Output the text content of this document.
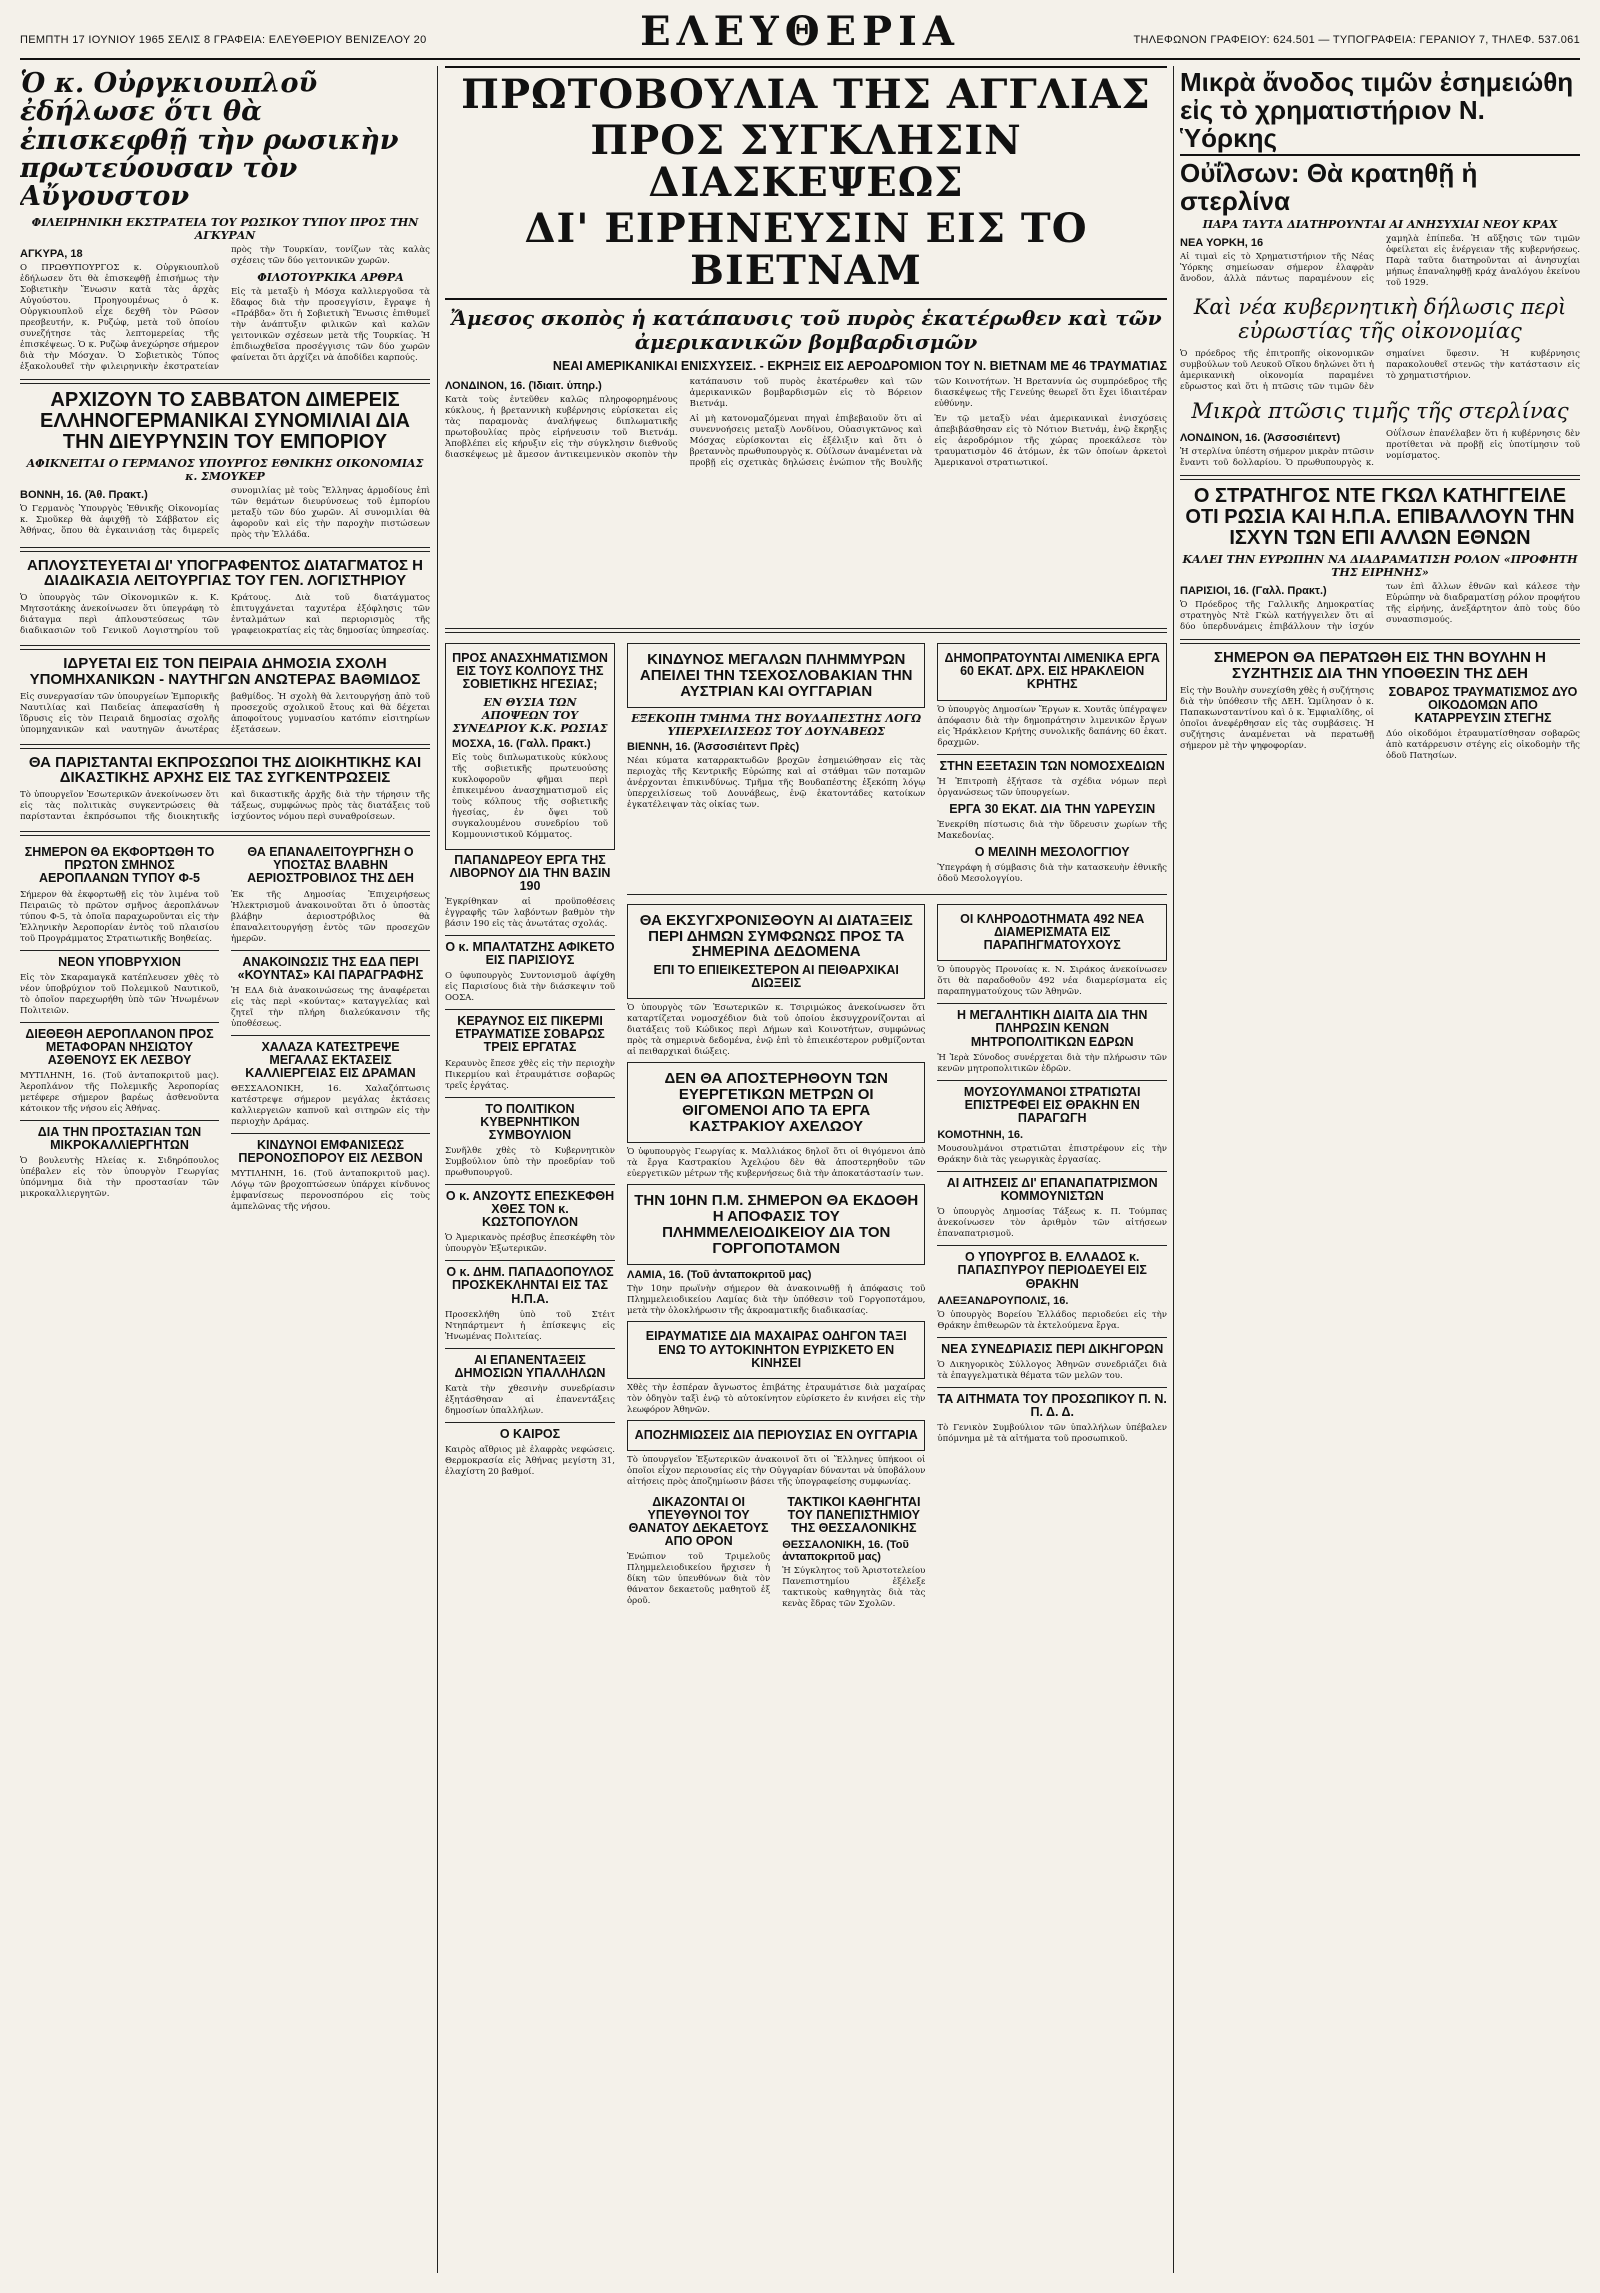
ΠΕΜΠΤΗ 17 ΙΟΥΝΙΟΥ 1965 ΣΕΛΙΣ 8 ΓΡΑΦΕΙΑ: ΕΛΕΥΘΕΡΙΟΥ ΒΕΝΙΖΕΛΟΥ 20	ΕΛΕΥΘΕΡΙΑ	ΤΗΛΕΦΩΝΟΝ ΓΡΑΦΕΙΟΥ: 624.501 — ΤΥΠΟΓΡΑΦΕΙΑ: ΓΕΡΑΝΙΟΥ 7, ΤΗΛΕΦ. 537.061
Ὁ κ. Οὐργκιουπλοῦ ἐδήλωσε ὅτι θὰ ἐπισκεφθῇ τὴν ρωσικὴν πρωτεύουσαν τὸν Αὔγουστον
ΦΙΛΕΙΡΗΝΙΚΗ ΕΚΣΤΡΑΤΕΙΑ ΤΟΥ ΡΩΣΙΚΟΥ ΤΥΠΟΥ ΠΡΟΣ ΤΗΝ ΑΓΚΥΡΑΝ
ΑΓΚΥΡΑ, 18

Ο ΠΡΩΘΥΠΟΥΡΓΟΣ κ. Οὐργκιουπλοῦ ἐδήλωσεν ὅτι θὰ ἐπισκεφθῇ ἐπισήμως τὴν Σοβιετικὴν Ἕνωσιν κατὰ τὰς ἀρχὰς Αὐγούστου. Προηγουμένως ὁ κ. Οὐργκιουπλοῦ εἶχε δεχθῆ τὸν Ρῶσον πρεσβευτήν, κ. Ρυζώφ, μετὰ τοῦ ὁποίου συνεζήτησε τὰς λεπτομερείας τῆς ἐπισκέψεως. Ὁ κ. Ρυζὼφ ἀνεχώρησε σήμερον διὰ τὴν Μόσχαν. Ὁ Σοβιετικὸς Τύπος ἐξακολουθεῖ τὴν φιλειρηνικὴν ἐκστρατείαν πρὸς τὴν Τουρκίαν, τονίζων τὰς καλὰς σχέσεις τῶν δύο γειτονικῶν χωρῶν.

ΦΙΛΟΤΟΥΡΚΙΚΑ ΑΡΘΡΑ

Εἰς τὰ μεταξὺ ἡ Μόσχα καλλιεργοῦσα τὰ ἔδαφος διὰ τὴν προσεγγίσιν, ἔγραψε ἡ «Πράβδα» ὅτι ἡ Σοβιετικὴ Ἕνωσις ἐπιθυμεῖ τὴν ἀνάπτυξιν φιλικῶν καὶ καλῶν γειτονικῶν σχέσεων μετὰ τῆς Τουρκίας. Ἡ ἐπιδιωχθεῖσα προσέγγισις τῶν δύο χωρῶν φαίνεται ὅτι ἀρχίζει νὰ ἀποδίδει καρπούς.

ΑΡΧΙΖΟΥΝ ΤΟ ΣΑΒΒΑΤΟΝ ΔΙΜΕΡΕΙΣ ΕΛΛΗΝΟΓΕΡΜΑΝΙΚΑΙ ΣΥΝΟΜΙΛΙΑΙ ΔΙΑ ΤΗΝ ΔΙΕΥΡΥΝΣΙΝ ΤΟΥ ΕΜΠΟΡΙΟΥ
ΑΦΙΚΝΕΙΤΑΙ Ο ΓΕΡΜΑΝΟΣ ΥΠΟΥΡΓΟΣ ΕΘΝΙΚΗΣ ΟΙΚΟΝΟΜΙΑΣ κ. ΣΜΟΥΚΕΡ
ΒΟΝΝΗ, 16. (Ἀθ. Πρακτ.)

Ὁ Γερμανὸς Ὑπουργὸς Ἐθνικῆς Οἰκονομίας κ. Σμοῦκερ θὰ ἀφιχθῇ τὸ Σάββατον εἰς Ἀθήνας, ὅπου θὰ ἐγκαινιάσῃ τὰς διμερεῖς συνομιλίας μὲ τοὺς Ἕλληνας ἁρμοδίους ἐπὶ τῶν θεμάτων διευρύνσεως τοῦ ἐμπορίου μεταξὺ τῶν δύο χωρῶν. Αἱ συνομιλίαι θὰ ἀφοροῦν καὶ εἰς τὴν παροχὴν πιστώσεων πρὸς τὴν Ἑλλάδα.

ΑΠΛΟΥΣΤΕΥΕΤΑΙ ΔΙ' ΥΠΟΓΡΑΦΕΝΤΟΣ ΔΙΑΤΑΓΜΑΤΟΣ Η ΔΙΑΔΙΚΑΣΙΑ ΛΕΙΤΟΥΡΓΙΑΣ ΤΟΥ ΓΕΝ. ΛΟΓΙΣΤΗΡΙΟΥ

Ὁ ὑπουργὸς τῶν Οἰκονομικῶν κ. Κ. Μητσοτάκης ἀνεκοίνωσεν ὅτι ὑπεγράφη τὸ διάταγμα περὶ ἁπλουστεύσεως τῶν διαδικασιῶν τοῦ Γενικοῦ Λογιστηρίου τοῦ Κράτους. Διὰ τοῦ διατάγματος ἐπιτυγχάνεται ταχυτέρα ἐξόφλησις τῶν ἐνταλμάτων καὶ περιορισμὸς τῆς γραφειοκρατίας εἰς τὰς δημοσίας ὑπηρεσίας.

ΙΔΡΥΕΤΑΙ ΕΙΣ ΤΟΝ ΠΕΙΡΑΙΑ ΔΗΜΟΣΙΑ ΣΧΟΛΗ ΥΠΟΜΗΧΑΝΙΚΩΝ - ΝΑΥΤΗΓΩΝ ΑΝΩΤΕΡΑΣ ΒΑΘΜΙΔΟΣ

Εἰς συνεργασίαν τῶν ὑπουργείων Ἐμπορικῆς Ναυτιλίας καὶ Παιδείας ἀπεφασίσθη ἡ ἵδρυσις εἰς τὸν Πειραιᾶ δημοσίας σχολῆς ὑπομηχανικῶν καὶ ναυτηγῶν ἀνωτέρας βαθμίδος. Ἡ σχολὴ θὰ λειτουργήσῃ ἀπὸ τοῦ προσεχοῦς σχολικοῦ ἔτους καὶ θὰ δέχεται ἀποφοίτους γυμνασίου κατόπιν εἰσιτηρίων ἐξετάσεων.

ΘΑ ΠΑΡΙΣΤΑΝΤΑΙ ΕΚΠΡΟΣΩΠΟΙ ΤΗΣ ΔΙΟΙΚΗΤΙΚΗΣ ΚΑΙ ΔΙΚΑΣΤΙΚΗΣ ΑΡΧΗΣ ΕΙΣ ΤΑΣ ΣΥΓΚΕΝΤΡΩΣΕΙΣ

Τὸ ὑπουργεῖον Ἐσωτερικῶν ἀνεκοίνωσεν ὅτι εἰς τὰς πολιτικὰς συγκεντρώσεις θὰ παρίστανται ἐκπρόσωποι τῆς διοικητικῆς καὶ δικαστικῆς ἀρχῆς διὰ τὴν τήρησιν τῆς τάξεως, συμφώνως πρὸς τὰς διατάξεις τοῦ ἰσχύοντος νόμου περὶ συναθροίσεων.

ΣΗΜΕΡΟΝ ΘΑ ΕΚΦΟΡΤΩΘΗ ΤΟ ΠΡΩΤΟΝ ΣΜΗΝΟΣ ΑΕΡΟΠΛΑΝΩΝ ΤΥΠΟΥ Φ-5

Σήμερον θὰ ἐκφορτωθῇ εἰς τὸν λιμένα τοῦ Πειραιῶς τὸ πρῶτον σμῆνος ἀεροπλάνων τύπου Φ-5, τὰ ὁποῖα παραχωροῦνται εἰς τὴν Ἑλληνικὴν Ἀεροπορίαν ἐντὸς τοῦ πλαισίου τοῦ Προγράμματος Στρατιωτικῆς Βοηθείας.

ΝΕΟΝ ΥΠΟΒΡΥΧΙΟΝ

Εἰς τὸν Σκαραμαγκᾶ κατέπλευσεν χθὲς τὸ νέον ὑποβρύχιον τοῦ Πολεμικοῦ Ναυτικοῦ, τὸ ὁποῖον παρεχωρήθη ὑπὸ τῶν Ἡνωμένων Πολιτειῶν.

ΔΙΕΘΕΘΗ ΑΕΡΟΠΛΑΝΟΝ ΠΡΟΣ ΜΕΤΑΦΟΡΑΝ ΝΗΣΙΩΤΟΥ ΑΣΘΕΝΟΥΣ ΕΚ ΛΕΣΒΟΥ

ΜΥΤΙΛΗΝΗ, 16. (Τοῦ ἀνταποκριτοῦ μας). Ἀεροπλάνον τῆς Πολεμικῆς Ἀεροπορίας μετέφερε σήμερον βαρέως ἀσθενοῦντα κάτοικον τῆς νήσου εἰς Ἀθήνας.

ΔΙΑ ΤΗΝ ΠΡΟΣΤΑΣΙΑΝ ΤΩΝ ΜΙΚΡΟΚΑΛΛΙΕΡΓΗΤΩΝ

Ὁ βουλευτὴς Ηλείας κ. Σιδηρόπουλος ὑπέβαλεν εἰς τὸν ὑπουργὸν Γεωργίας ὑπόμνημα διὰ τὴν προστασίαν τῶν μικροκαλλιεργητῶν.

ΘΑ ΕΠΑΝΑΛΕΙΤΟΥΡΓΗΣΗ Ο ΥΠΟΣΤΑΣ ΒΛΑΒΗΝ ΑΕΡΙΟΣΤΡΟΒΙΛΟΣ ΤΗΣ ΔΕΗ

Ἐκ τῆς Δημοσίας Ἐπιχειρήσεως Ἠλεκτρισμοῦ ἀνακοινοῦται ὅτι ὁ ὑποστὰς βλάβην ἀεριοστρόβιλος θὰ ἐπαναλειτουργήσῃ ἐντὸς τῶν προσεχῶν ἡμερῶν.

ΑΝΑΚΟΙΝΩΣΙΣ ΤΗΣ ΕΔΑ ΠΕΡΙ «ΚΟΥΝΤΑΣ» ΚΑΙ ΠΑΡΑΓΡΑΦΗΣ

Ἡ ΕΔΑ διὰ ἀνακοινώσεως της ἀναφέρεται εἰς τὰς περὶ «κούντας» καταγγελίας καὶ ζητεῖ τὴν πλήρη διαλεύκανσιν τῆς ὑποθέσεως.

ΧΑΛΑΖΑ ΚΑΤΕΣΤΡΕΨΕ ΜΕΓΑΛΑΣ ΕΚΤΑΣΕΙΣ ΚΑΛΛΙΕΡΓΕΙΑΣ ΕΙΣ ΔΡΑΜΑΝ

ΘΕΣΣΑΛΟΝΙΚΗ, 16. Χαλαζόπτωσις κατέστρεψε σήμερον μεγάλας ἐκτάσεις καλλιεργειῶν καπνοῦ καὶ σιτηρῶν εἰς τὴν περιοχὴν Δράμας.

ΚΙΝΔΥΝΟΙ ΕΜΦΑΝΙΣΕΩΣ ΠΕΡΟΝΟΣΠΟΡΟΥ ΕΙΣ ΛΕΣΒΟΝ

ΜΥΤΙΛΗΝΗ, 16. (Τοῦ ἀνταποκριτοῦ μας). Λόγῳ τῶν βροχοπτώσεων ὑπάρχει κίνδυνος ἐμφανίσεως περονοσπόρου εἰς τοὺς ἀμπελῶνας τῆς νήσου.

ΠΡΩΤΟΒΟΥΛΙΑ ΤΗΣ ΑΓΓΛΙΑΣ
ΠΡΟΣ ΣΥΓΚΛΗΣΙΝ ΔΙΑΣΚΕΨΕΩΣ
ΔΙ' ΕΙΡΗΝΕΥΣΙΝ ΕΙΣ ΤΟ ΒΙΕΤΝΑΜ
Ἄμεσος σκοπὸς ἡ κατάπαυσις τοῦ πυρὸς ἑκατέρωθεν καὶ τῶν ἀμερικανικῶν βομβαρδισμῶν
ΝΕΑΙ ΑΜΕΡΙΚΑΝΙΚΑΙ ΕΝΙΣΧΥΣΕΙΣ. - ΕΚΡΗΞΙΣ ΕΙΣ ΑΕΡΟΔΡΟΜΙΟΝ ΤΟΥ Ν. ΒΙΕΤΝΑΜ ΜΕ 46 ΤΡΑΥΜΑΤΙΑΣ
ΛΟΝΔΙΝΟΝ, 16. (Ἰδιαιτ. ὑπηρ.)

Κατὰ τοὺς ἐντεῦθεν καλῶς πληροφορημένους κύκλους, ἡ βρεταννικὴ κυβέρνησις εὑρίσκεται εἰς τὰς παραμονὰς ἀναλήψεως διπλωματικῆς πρωτοβουλίας πρὸς εἰρήνευσιν τοῦ Βιετνάμ. Ἀποβλέπει εἰς κήρυξιν εἰς τὴν σύγκλησιν διεθνοῦς διασκέψεως μὲ ἄμεσον ἀντικειμενικὸν σκοπὸν τὴν κατάπαυσιν τοῦ πυρὸς ἑκατέρωθεν καὶ τῶν ἀμερικανικῶν βομβαρδισμῶν εἰς τὸ Βόρειον Βιετνάμ.

Αἱ μὴ κατονομαζόμεναι πηγαὶ ἐπιβεβαιοῦν ὅτι αἱ συνεννοήσεις μεταξὺ Λονδίνου, Οὐασιγκτῶνος καὶ Μόσχας εὑρίσκονται εἰς ἐξέλιξιν καὶ ὅτι ὁ βρεταννὸς πρωθυπουργὸς κ. Οὐίλσων ἀναμένεται νὰ προβῇ εἰς σχετικὰς δηλώσεις ἐνώπιον τῆς Βουλῆς τῶν Κοινοτήτων. Ἡ Βρεταννία ὡς συμπρόεδρος τῆς διασκέψεως τῆς Γενεύης θεωρεῖ ὅτι ἔχει ἰδιαιτέραν εὐθύνην.

Ἐν τῷ μεταξὺ νέαι ἀμερικανικαὶ ἐνισχύσεις ἀπεβιβάσθησαν εἰς τὸ Νότιον Βιετνάμ, ἐνῷ ἔκρηξις εἰς ἀεροδρόμιον τῆς χώρας προεκάλεσε τὸν τραυματισμὸν 46 ἀτόμων, ἐκ τῶν ὁποίων ἀρκετοὶ Ἀμερικανοὶ στρατιωτικοί.

ΠΡΟΣ ΑΝΑΣΧΗΜΑΤΙΣΜΟΝ ΕΙΣ ΤΟΥΣ ΚΟΛΠΟΥΣ ΤΗΣ ΣΟΒΙΕΤΙΚΗΣ ΗΓΕΣΙΑΣ;
ΕΝ ΘΥΣΙΑ ΤΩΝ ΑΠΟΨΕΩΝ ΤΟΥ ΣΥΝΕΔΡΙΟΥ Κ.Κ. ΡΩΣΙΑΣ
ΜΟΣΧΑ, 16. (Γαλλ. Πρακτ.)

Εἰς τοὺς διπλωματικοὺς κύκλους τῆς σοβιετικῆς πρωτευούσης κυκλοφοροῦν φῆμαι περὶ ἐπικειμένου ἀνασχηματισμοῦ εἰς τοὺς κόλπους τῆς σοβιετικῆς ἡγεσίας, ἐν ὄψει τοῦ συγκαλουμένου συνεδρίου τοῦ Κομμουνιστικοῦ Κόμματος.

ΠΑΠΑΝΔΡΕΟΥ ΕΡΓΑ ΤΗΣ ΛΙΒΟΡΝΟΥ ΔΙΑ ΤΗΝ ΒΑΣΙΝ 190

Ἐγκρίθηκαν αἱ προϋποθέσεις ἐγγραφῆς τῶν λαβόντων βαθμὸν τὴν βάσιν 190 εἰς τὰς ἀνωτάτας σχολάς.

Ο κ. ΜΠΑΛΤΑΤΖΗΣ ΑΦΙΚΕΤΟ ΕΙΣ ΠΑΡΙΣΙΟΥΣ

Ο ὑφυπουργὸς Συντονισμοῦ ἀφίχθη εἰς Παρισίους διὰ τὴν διάσκεψιν τοῦ ΟΟΣΑ.

ΚΕΡΑΥΝΟΣ ΕΙΣ ΠΙΚΕΡΜΙ ΕΤΡΑΥΜΑΤΙΣΕ ΣΟΒΑΡΩΣ ΤΡΕΙΣ ΕΡΓΑΤΑΣ

Κεραυνὸς ἔπεσε χθὲς εἰς τὴν περιοχὴν Πικερμίου καὶ ἐτραυμάτισε σοβαρῶς τρεῖς ἐργάτας.

ΤΟ ΠΟΛΙΤΙΚΟΝ ΚΥΒΕΡΝΗΤΙΚΟΝ ΣΥΜΒΟΥΛΙΟΝ

Συνῆλθε χθὲς τὸ Κυβερνητικὸν Συμβούλιον ὑπὸ τὴν προεδρίαν τοῦ πρωθυπουργοῦ.

Ο κ. ΑΝΖΟΥΤΣ ΕΠΕΣΚΕΦΘΗ ΧΘΕΣ ΤΟΝ κ. ΚΩΣΤΟΠΟΥΛΟΝ

Ὁ Ἀμερικανὸς πρέσβυς ἐπεσκέφθη τὸν ὑπουργὸν Ἐξωτερικῶν.

Ο κ. ΔΗΜ. ΠΑΠΑΔΟΠΟΥΛΟΣ ΠΡΟΣΚΕΚΛΗΝΤΑΙ ΕΙΣ ΤΑΣ Η.Π.Α.

Προσεκλήθη ὑπὸ τοῦ Στέιτ Ντηπάρτμεντ ἡ ἐπίσκεψις εἰς Ἡνωμένας Πολιτείας.

ΑΙ ΕΠΑΝΕΝΤΑΞΕΙΣ ΔΗΜΟΣΙΩΝ ΥΠΑΛΛΗΛΩΝ

Κατὰ τὴν χθεσινὴν συνεδρίασιν ἐξητάσθησαν αἱ ἐπανεντάξεις δημοσίων ὑπαλλήλων.

Ο ΚΑΙΡΟΣ

Καιρὸς αἴθριος μὲ ἐλαφρὰς νεφώσεις. Θερμοκρασία εἰς Ἀθήνας μεγίστη 31, ἐλαχίστη 20 βαθμοί.

ΚΙΝΔΥΝΟΣ ΜΕΓΑΛΩΝ ΠΛΗΜΜΥΡΩΝ ΑΠΕΙΛΕΙ ΤΗΝ ΤΣΕΧΟΣΛΟΒΑΚΙΑΝ ΤΗΝ ΑΥΣΤΡΙΑΝ ΚΑΙ ΟΥΓΓΑΡΙΑΝ
ΕΞΕΚΟΠΗ ΤΜΗΜΑ ΤΗΣ ΒΟΥΔΑΠΕΣΤΗΣ ΛΟΓΩ ΥΠΕΡΧΕΙΛΙΣΕΩΣ ΤΟΥ ΔΟΥΝΑΒΕΩΣ
ΒΙΕΝΝΗ, 16. (Ἀσσοσιέιτεντ Πρὲς)

Νέαι κύματα καταρρακτωδῶν βροχῶν ἐσημειώθησαν εἰς τὰς περιοχὰς τῆς Κεντρικῆς Εὐρώπης καὶ αἱ στάθμαι τῶν ποταμῶν ἀνέρχονται ἐπικινδύνως. Τμῆμα τῆς Βουδαπέστης ἐξεκόπη λόγῳ ὑπερχειλίσεως τοῦ Δουνάβεως, ἐνῷ ἑκατοντάδες κατοίκων ἐγκατέλειψαν τὰς οἰκίας των.

ΔΗΜΟΠΡΑΤΟΥΝΤΑΙ ΛΙΜΕΝΙΚΑ ΕΡΓΑ 60 ΕΚΑΤ. ΔΡΧ. ΕΙΣ ΗΡΑΚΛΕΙΟΝ ΚΡΗΤΗΣ

Ὁ ὑπουργὸς Δημοσίων Ἔργων κ. Χουτᾶς ὑπέγραψεν ἀπόφασιν διὰ τὴν δημοπράτησιν λιμενικῶν ἔργων εἰς Ἡράκλειον Κρήτης συνολικῆς δαπάνης 60 ἑκατ. δραχμῶν.

ΣΤΗΝ ΕΞΕΤΑΣΙΝ ΤΩΝ ΝΟΜΟΣΧΕΔΙΩΝ

Ἡ Ἐπιτροπὴ ἐξήτασε τὰ σχέδια νόμων περὶ ὀργανώσεως τῶν ὑπουργείων.

ΕΡΓΑ 30 ΕΚΑΤ. ΔΙΑ ΤΗΝ ΥΔΡΕΥΣΙΝ

Ἐνεκρίθη πίστωσις διὰ τὴν ὕδρευσιν χωρίων τῆς Μακεδονίας.

Ο ΜΕΛΙΝΗ ΜΕΣΟΛΟΓΓΙΟΥ

Ὑπεγράφη ἡ σύμβασις διὰ τὴν κατασκευὴν ἐθνικῆς ὁδοῦ Μεσολογγίου.

ΘΑ ΕΚΣΥΓΧΡΟΝΙΣΘΟΥΝ ΑΙ ΔΙΑΤΑΞΕΙΣ ΠΕΡΙ ΔΗΜΩΝ ΣΥΜΦΩΝΩΣ ΠΡΟΣ ΤΑ ΣΗΜΕΡΙΝΑ ΔΕΔΟΜΕΝΑ
ΕΠΙ ΤΟ ΕΠΙΕΙΚΕΣΤΕΡΟΝ ΑΙ ΠΕΙΘΑΡΧΙΚΑΙ ΔΙΩΞΕΙΣ

Ὁ ὑπουργὸς τῶν Ἐσωτερικῶν κ. Τσιριμώκος ἀνεκοίνωσεν ὅτι καταρτίζεται νομοσχέδιον διὰ τοῦ ὁποίου ἐκσυγχρονίζονται αἱ διατάξεις τοῦ Κώδικος περὶ Δήμων καὶ Κοινοτήτων, συμφώνως πρὸς τὰ σημερινὰ δεδομένα, ἐνῷ ἐπὶ τὸ ἐπιεικέστερον ρυθμίζονται αἱ πειθαρχικαὶ διώξεις.

ΔΕΝ ΘΑ ΑΠΟΣΤΕΡΗΘΟΥΝ ΤΩΝ ΕΥΕΡΓΕΤΙΚΩΝ ΜΕΤΡΩΝ ΟΙ ΘΙΓΟΜΕΝΟΙ ΑΠΟ ΤΑ ΕΡΓΑ ΚΑΣΤΡΑΚΙΟΥ ΑΧΕΛΩΟΥ

Ὁ ὑφυπουργὸς Γεωργίας κ. Μαλλιάκος δηλοῖ ὅτι οἱ θιγόμενοι ἀπὸ τὰ ἔργα Καστρακίου Ἀχελῴου δὲν θὰ ἀποστερηθοῦν τῶν εὐεργετικῶν μέτρων τῆς κυβερνήσεως διὰ τὴν ἀποκατάστασίν των.

ΤΗΝ 10ΗΝ Π.Μ. ΣΗΜΕΡΟΝ ΘΑ ΕΚΔΟΘΗ Η ΑΠΟΦΑΣΙΣ ΤΟΥ ΠΛΗΜΜΕΛΕΙΟΔΙΚΕΙΟΥ ΔΙΑ ΤΟΝ ΓΟΡΓΟΠΟΤΑΜΟΝ
ΛΑΜΙΑ, 16. (Τοῦ ἀνταποκριτοῦ μας)

Τὴν 10ην πρωϊνὴν σήμερον θὰ ἀνακοινωθῇ ἡ ἀπόφασις τοῦ Πλημμελειοδικείου Λαμίας διὰ τὴν ὑπόθεσιν τοῦ Γοργοποτάμου, μετὰ τὴν ὁλοκλήρωσιν τῆς ἀκροαματικῆς διαδικασίας.

ΕΙΡΑΥΜΑΤΙΣΕ ΔΙΑ ΜΑΧΑΙΡΑΣ ΟΔΗΓΟΝ ΤΑΞΙ ΕΝΩ ΤΟ ΑΥΤΟΚΙΝΗΤΟΝ ΕΥΡΙΣΚΕΤΟ ΕΝ ΚΙΝΗΣΕΙ

Χθὲς τὴν ἑσπέραν ἄγνωστος ἐπιβάτης ἐτραυμάτισε διὰ μαχαίρας τὸν ὁδηγὸν ταξὶ ἐνῷ τὸ αὐτοκίνητον εὑρίσκετο ἐν κινήσει εἰς τὴν λεωφόρον Ἀθηνῶν.

ΑΠΟΖΗΜΙΩΣΕΙΣ ΔΙΑ ΠΕΡΙΟΥΣΙΑΣ ΕΝ ΟΥΓΓΑΡΙΑ

Τὸ ὑπουργεῖον Ἐξωτερικῶν ἀνακοινοῖ ὅτι οἱ Ἕλληνες ὑπήκοοι οἱ ὁποῖοι εἶχον περιουσίας εἰς τὴν Οὐγγαρίαν δύνανται νὰ ὑποβάλουν αἰτήσεις πρὸς ἀποζημίωσιν βάσει τῆς ὑπογραφείσης συμφωνίας.

ΔΙΚΑΖΟΝΤΑΙ ΟΙ ΥΠΕΥΘΥΝΟΙ ΤΟΥ ΘΑΝΑΤΟΥ ΔΕΚΑΕΤΟΥΣ ΑΠΟ ΟΡΟΝ

Ἐνώπιον τοῦ Τριμελοῦς Πλημμελειοδικείου ἤρχισεν ἡ δίκη τῶν ὑπευθύνων διὰ τὸν θάνατον δεκαετοῦς μαθητοῦ ἐξ ὀροῦ.

ΤΑΚΤΙΚΟΙ ΚΑΘΗΓΗΤΑΙ ΤΟΥ ΠΑΝΕΠΙΣΤΗΜΙΟΥ ΤΗΣ ΘΕΣΣΑΛΟΝΙΚΗΣ
ΘΕΣΣΑΛΟΝΙΚΗ, 16. (Τοῦ ἀνταποκριτοῦ μας)

Ἡ Σύγκλητος τοῦ Ἀριστοτελείου Πανεπιστημίου ἐξέλεξε τακτικοὺς καθηγητὰς διὰ τὰς κενὰς ἕδρας τῶν Σχολῶν.

ΟΙ ΚΛΗΡΟΔΟΤΗΜΑΤΑ 492 ΝΕΑ ΔΙΑΜΕΡΙΣΜΑΤΑ ΕΙΣ ΠΑΡΑΠΗΓΜΑΤΟΥΧΟΥΣ

Ὁ ὑπουργὸς Προνοίας κ. Ν. Σιράκος ἀνεκοίνωσεν ὅτι θὰ παραδοθοῦν 492 νέα διαμερίσματα εἰς παραπηγματούχους τῶν Ἀθηνῶν.

Η ΜΕΓΑΛΗΤΙΚΗ ΔΙΑΙΤΑ ΔΙΑ ΤΗΝ ΠΛΗΡΩΣΙΝ ΚΕΝΩΝ ΜΗΤΡΟΠΟΛΙΤΙΚΩΝ ΕΔΡΩΝ

Ἡ Ἱερὰ Σύνοδος συνέρχεται διὰ τὴν πλήρωσιν τῶν κενῶν μητροπολιτικῶν ἑδρῶν.

ΜΟΥΣΟΥΛΜΑΝΟΙ ΣΤΡΑΤΙΩΤΑΙ ΕΠΙΣΤΡΕΦΕΙ ΕΙΣ ΘΡΑΚΗΝ ΕΝ ΠΑΡΑΓΩΓΗ
ΚΟΜΟΤΗΝΗ, 16.

Μουσουλμάνοι στρατιῶται ἐπιστρέφουν εἰς τὴν Θράκην διὰ τὰς γεωργικὰς ἐργασίας.

ΑΙ ΑΙΤΗΣΕΙΣ ΔΙ' ΕΠΑΝΑΠΑΤΡΙΣΜΟΝ ΚΟΜΜΟΥΝΙΣΤΩΝ

Ὁ ὑπουργὸς Δημοσίας Τάξεως κ. Π. Τούμπας ἀνεκοίνωσεν τὸν ἀριθμὸν τῶν αἰτήσεων ἐπαναπατρισμοῦ.

Ο ΥΠΟΥΡΓΟΣ Β. ΕΛΛΑΔΟΣ κ. ΠΑΠΑΣΠΥΡΟΥ ΠΕΡΙΟΔΕΥΕΙ ΕΙΣ ΘΡΑΚΗΝ
ΑΛΕΞΑΝΔΡΟΥΠΟΛΙΣ, 16.

Ὁ ὑπουργὸς Βορείου Ἑλλάδος περιοδεύει εἰς τὴν Θράκην ἐπιθεωρῶν τὰ ἐκτελούμενα ἔργα.

ΝΕΑ ΣΥΝΕΔΡΙΑΣΙΣ ΠΕΡΙ ΔΙΚΗΓΟΡΩΝ

Ὁ Δικηγορικὸς Σύλλογος Ἀθηνῶν συνεδριάζει διὰ τὰ ἐπαγγελματικὰ θέματα τῶν μελῶν του.

ΤΑ ΑΙΤΗΜΑΤΑ ΤΟΥ ΠΡΟΣΩΠΙΚΟΥ Π. Ν. Π. Δ. Δ.

Τὸ Γενικὸν Συμβούλιον τῶν ὑπαλλήλων ὑπέβαλεν ὑπόμνημα μὲ τὰ αἰτήματα τοῦ προσωπικοῦ.

Μικρὰ ἄνοδος τιμῶν ἐσημειώθη εἰς τὸ χρηματιστήριον Ν. Ὑόρκης
Οὐΐλσων: Θὰ κρατηθῇ ἡ στερλίνα
ΠΑΡΑ ΤΑΥΤΑ ΔΙΑΤΗΡΟΥΝΤΑΙ ΑΙ ΑΝΗΣΥΧΙΑΙ ΝΕΟΥ ΚΡΑΧ
ΝΕΑ ΥΟΡΚΗ, 16

Αἱ τιμαὶ εἰς τὸ Χρηματιστήριον τῆς Νέας Ὑόρκης σημείωσαν σήμερον ἐλαφρὰν ἄνοδον, ἀλλὰ πάντως παραμένουν εἰς χαμηλὰ ἐπίπεδα. Ἡ αὔξησις τῶν τιμῶν ὀφείλεται εἰς ἐνέργειαν τῆς κυβερνήσεως. Παρὰ ταῦτα διατηροῦνται αἱ ἀνησυχίαι μήπως ἐπαναληφθῇ κράχ ἀναλόγου ἐκείνου τοῦ 1929.

Καὶ νέα κυβερνητικὴ δήλωσις περὶ εὐρωστίας τῆς οἰκονομίας

Ὁ πρόεδρος τῆς ἐπιτροπῆς οἰκονομικῶν συμβούλων τοῦ Λευκοῦ Οἴκου δηλώνει ὅτι ἡ ἀμερικανικὴ οἰκονομία παραμένει εὔρωστος καὶ ὅτι ἡ πτῶσις τῶν τιμῶν δὲν σημαίνει ὕφεσιν. Ἡ κυβέρνησις παρακολουθεῖ στενῶς τὴν κατάστασιν εἰς τὸ χρηματιστήριον.

Μικρὰ πτῶσις τιμῆς τῆς στερλίνας
ΛΟΝΔΙΝΟΝ, 16. (Ἀσσοσιέιτεντ)

Ἡ στερλίνα ὑπέστη σήμερον μικρὰν πτῶσιν ἔναντι τοῦ δολλαρίου. Ὁ πρωθυπουργὸς κ. Οὐΐλσων ἐπανέλαβεν ὅτι ἡ κυβέρνησις δὲν προτίθεται νὰ προβῇ εἰς ὑποτίμησιν τοῦ νομίσματος.

Ο ΣΤΡΑΤΗΓΟΣ ΝΤΕ ΓΚΩΛ ΚΑΤΗΓΓΕΙΛΕ ΟΤΙ ΡΩΣΙΑ ΚΑΙ Η.Π.Α. ΕΠΙΒΑΛΛΟΥΝ ΤΗΝ ΙΣΧΥΝ ΤΩΝ ΕΠΙ ΑΛΛΩΝ ΕΘΝΩΝ
ΚΑΛΕΙ ΤΗΝ ΕΥΡΩΠΗΝ ΝΑ ΔΙΑΔΡΑΜΑΤΙΣΗ ΡΟΛΟΝ «ΠΡΟΦΗΤΗ ΤΗΣ ΕΙΡΗΝΗΣ»
ΠΑΡΙΣΙΟΙ, 16. (Γαλλ. Πρακτ.)

Ὁ Πρόεδρος τῆς Γαλλικῆς Δημοκρατίας στρατηγὸς Ντὲ Γκὼλ κατήγγειλεν ὅτι αἱ δύο ὑπερδυνάμεις ἐπιβάλλουν τὴν ἰσχύν των ἐπὶ ἄλλων ἐθνῶν καὶ κάλεσε τὴν Εὐρώπην νὰ διαδραματίσῃ ρόλον προφήτου τῆς εἰρήνης, ἀνεξάρτητον ἀπὸ τοὺς δύο συνασπισμούς.

ΣΗΜΕΡΟΝ ΘΑ ΠΕΡΑΤΩΘΗ ΕΙΣ ΤΗΝ ΒΟΥΛΗΝ Η ΣΥΖΗΤΗΣΙΣ ΔΙΑ ΤΗΝ ΥΠΟΘΕΣΙΝ ΤΗΣ ΔΕΗ

Εἰς τὴν Βουλὴν συνεχίσθη χθὲς ἡ συζήτησις διὰ τὴν ὑπόθεσιν τῆς ΔΕΗ. Ὡμίλησαν ὁ κ. Παπακωνσταντίνου καὶ ὁ κ. Ἐμφιαλίδης, οἱ ὁποῖοι ἀνεφέρθησαν εἰς τὰς συμβάσεις. Ἡ συζήτησις ἀναμένεται νὰ περατωθῇ σήμερον μὲ τὴν ψηφοφορίαν.

ΣΟΒΑΡΟΣ ΤΡΑΥΜΑΤΙΣΜΟΣ ΔΥΟ ΟΙΚΟΔΟΜΩΝ ΑΠΟ ΚΑΤΑΡΡΕΥΣΙΝ ΣΤΕΓΗΣ

Δύο οἰκοδόμοι ἐτραυματίσθησαν σοβαρῶς ἀπὸ κατάρρευσιν στέγης εἰς οἰκοδομὴν τῆς ὁδοῦ Πατησίων.
